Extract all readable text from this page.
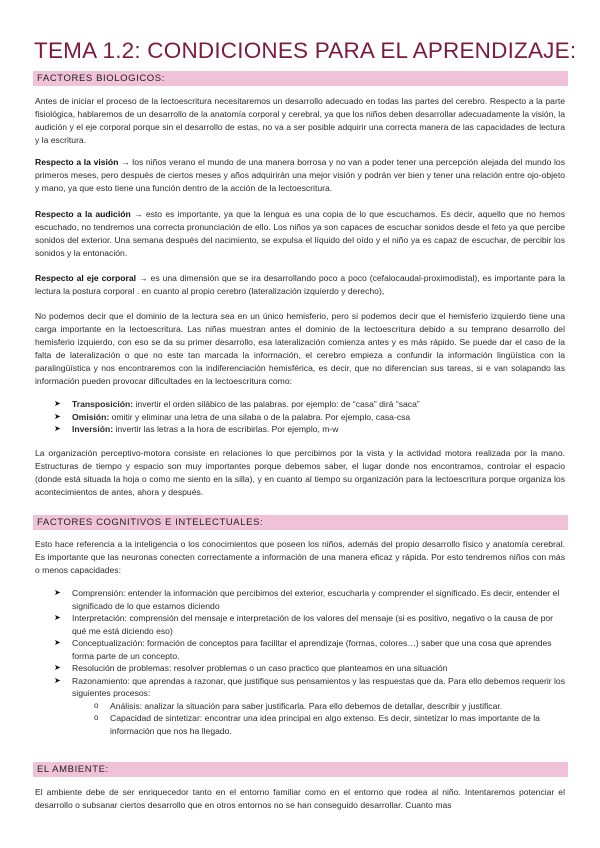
TEMA 1.2: CONDICIONES PARA EL APRENDIZAJE:
FACTORES BIOLOGICOS:

Antes de iniciar el proceso de la lectoescritura necesitaremos un desarrollo adecuado en todas las partes del cerebro. Respecto a la parte fisiológica, hablaremos de un desarrollo de la anatomía corporal y cerebral, ya que los niños deben desarrollar adecuadamente la visión, la audición y el eje corporal porque sin el desarrollo de estas, no va a ser posible adquirir una correcta manera de las capacidades de lectura y la escritura.

Respecto a la visión → los niños verano el mundo de una manera borrosa y no van a poder tener una percepción alejada del mundo los primeros meses, pero después de ciertos meses y años adquirirán una mejor visión y podrán ver bien y tener una relación entre ojo-objeto y mano, ya que esto tiene una función dentro de la acción de la lectoescritura.

Respecto a la audición → esto es importante, ya que la lengua es una copia de lo que escuchamos. Es decir, aquello que no hemos escuchado, no tendremos una correcta pronunciación de ello. Los niños ya son capaces de escuchar sonidos desde el feto ya que percibe sonidos del exterior. Una semana después del nacimiento, se expulsa el líquido del oído y el niño ya es capaz de escuchar, de percibir los sonidos y la entonación.

Respecto al eje corporal → es una dimensión que se ira desarrollando poco a poco (cefalocaudal-proximodistal), es importante para la lectura la postura corporal . en cuanto al propio cerebro (lateralización izquierdo y derecho),

No podemos decir que el dominio de la lectura sea en un único hemisferio, pero si podemos decir que el hemisferio izquierdo tiene una carga importante en la lectoescritura. Las niñas muestran antes el dominio de la lectoescritura debido a su temprano desarrollo del hemisferio izquierdo, con eso se da su primer desarrollo, esa lateralización comienza antes y es más rápido. Se puede dar el caso de la falta de lateralización o que no este tan marcada la información, el cerebro empieza a confundir la información lingüística con la paralingüística y nos encontraremos con la indiferenciación hemisférica, es decir, que no diferencian sus tareas, si e van solapando las información pueden provocar dificultades en la lectoescritura como:

➤ Transposición: invertir el orden silábico de las palabras. por ejemplo: de “casa” dirá “saca”
➤ Omisión: omitir y eliminar una letra de una silaba o de la palabra. Por ejemplo, casa-csa
➤ Inversión: invertir las letras a la hora de escribirlas. Por ejemplo, m-w

La organización perceptivo-motora consiste en relaciones lo que percibimos por la vista y la actividad motora realizada por la mano. Estructuras de tiempo y espacio son muy importantes porque debemos saber, el lugar donde nos encontramos, controlar el espacio (donde está situada la hoja o como me siento en la silla), y en cuanto al tiempo su organización para la lectoescritura porque organiza los acontecimientos de antes, ahora y después.

FACTORES COGNITIVOS E INTELECTUALES:

Esto hace referencia a la inteligencia o los conocimientos que poseen los niños, además del propio desarrollo físico y anatomía cerebral. Es importante que las neuronas conecten correctamente a información de una manera eficaz y rápida. Por esto tendremos niños con más o menos capacidades:

➤ Comprensión: entender la información que percibimos del exterior, escucharla y comprender el significado. Es decir, entender el significado de lo que estamos diciendo
➤ Interpretación: comprensión del mensaje e interpretación de los valores del mensaje (si es positivo, negativo o la causa de por qué me está diciendo eso)
➤ Conceptualización: formación de conceptos para facilitar el aprendizaje (formas, colores…) saber que una cosa que aprendes forma parte de un concepto.
➤ Resolución de problemas: resolver problemas o un caso practico que planteamos en una situación
➤ Razonamiento: que aprendas a razonar, que justifique sus pensamientos y las respuestas que da. Para ello debemos requerir los siguientes procesos:
o Análisis: analizar la situación para saber justificarla. Para ello debemos de detallar, describir y justificar.
o Capacidad de sintetizar: encontrar una idea principal en algo extenso. Es decir, sintetizar lo mas importante de la información que nos ha llegado.
EL AMBIENTE:

El ambiente debe de ser enriquecedor tanto en el entorno familiar como en el entorno que rodea al niño. Intentaremos potenciar el desarrollo o subsanar ciertos desarrollo que en otros entornos no se han conseguido desarrollar. Cuanto mas
